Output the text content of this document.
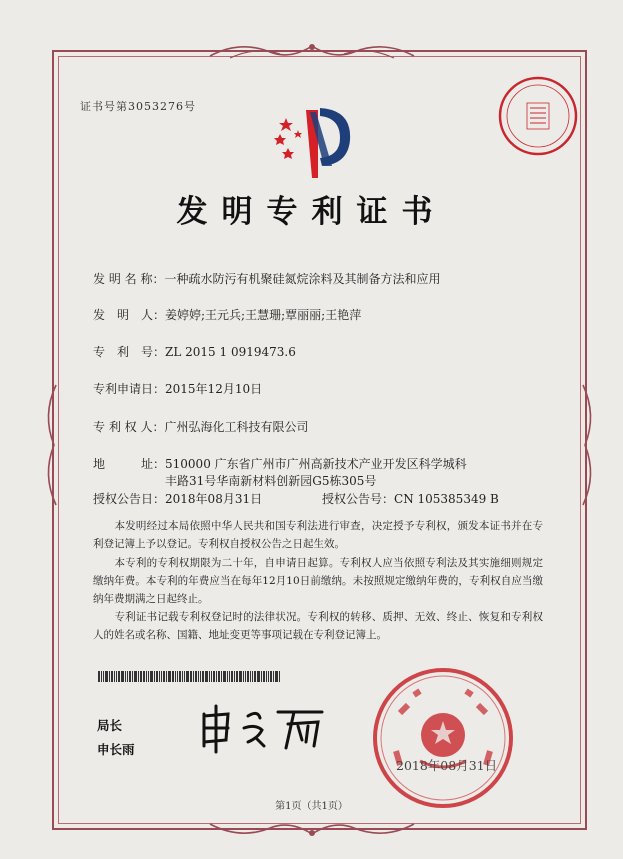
证书号第3053276号
发明专利证书
发 明 名 称：一种疏水防污有机聚硅氮烷涂料及其制备方法和应用
发　明　人：姜婷婷;王元兵;王慧珊;覃丽丽;王艳萍
专　利　号：ZL 2015 1 0919473.6
专利申请日：2015年12月10日
专 利 权 人：广州弘海化工科技有限公司
地　　　址：510000 广东省广州市广州高新技术产业开发区科学城科
丰路31号华南新材料创新园G5栋305号
授权公告日：2018年08月31日	授权公告号：CN 105385349 B
　　本发明经过本局依照中华人民共和国专利法进行审查，决定授予专利权，颁发本证书并在专利登记簿上予以登记。专利权自授权公告之日起生效。
　　本专利的专利权期限为二十年，自申请日起算。专利权人应当依照专利法及其实施细则规定缴纳年费。本专利的年费应当在每年12月10日前缴纳。未按照规定缴纳年费的，专利权自应当缴纳年费期满之日起终止。
　　专利证书记载专利权登记时的法律状况。专利权的转移、质押、无效、终止、恢复和专利权人的姓名或名称、国籍、地址变更等事项记载在专利登记簿上。
局长
申长雨
2018年08月31日
第1页（共1页）
